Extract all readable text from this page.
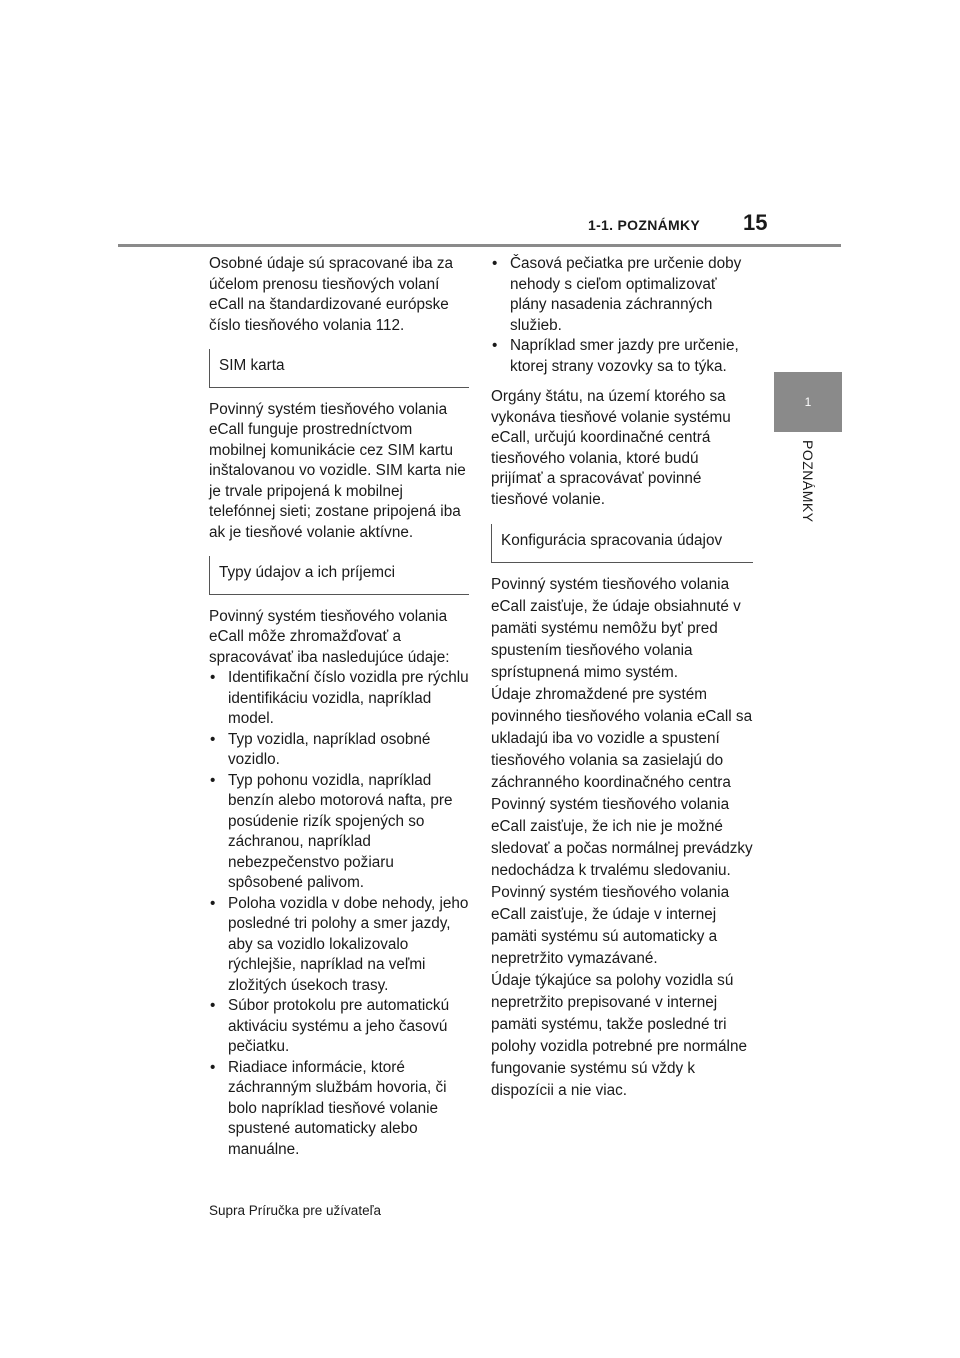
1-1. POZNÁMKY 15
1
POZNÁMKY

Osobné údaje sú spracované iba za účelom prenosu tiesňových volaní eCall na štandardizované európske číslo tiesňového volania 112.

SIM karta

Povinný systém tiesňového volania eCall funguje prostredníctvom mobilnej komunikácie cez SIM kartu inštalovanou vo vozidle. SIM karta nie je trvale pripojená k mobilnej telefónnej sieti; zostane pripojená iba ak je tiesňové volanie aktívne.

Typy údajov a ich príjemci

Povinný systém tiesňového volania eCall môže zhromažďovať a spracovávať iba nasledujúce údaje:

• Identifikační číslo vozidla pre rýchlu identifikáciu vozidla, napríklad model.
• Typ vozidla, napríklad osobné vozidlo.
• Typ pohonu vozidla, napríklad benzín alebo motorová nafta, pre posúdenie rizík spojených so záchranou, napríklad nebezpečenstvo požiaru spôsobené palivom.
• Poloha vozidla v dobe nehody, jeho posledné tri polohy a smer jazdy, aby sa vozidlo lokalizovalo rýchlejšie, napríklad na veľmi zložitých úsekoch trasy.
• Súbor protokolu pre automatickú aktiváciu systému a jeho časovú pečiatku.
• Riadiace informácie, ktoré záchranným službám hovoria, či bolo napríklad tiesňové volanie spustené automaticky alebo manuálne.
• Časová pečiatka pre určenie doby nehody s cieľom optimalizovať plány nasadenia záchranných služieb.
• Napríklad smer jazdy pre určenie, ktorej strany vozovky sa to týka.

Orgány štátu, na území ktorého sa vykonáva tiesňové volanie systému eCall, určujú koordinačné centrá tiesňového volania, ktoré budú prijímať a spracovávať povinné tiesňové volanie.

Konfigurácia spracovania údajov

Povinný systém tiesňového volania eCall zaisťuje, že údaje obsiahnuté v pamäti systému nemôžu byť pred spustením tiesňového volania sprístupnená mimo systém.

Údaje zhromaždené pre systém povinného tiesňového volania eCall sa ukladajú iba vo vozidle a spustení tiesňového volania sa zasielajú do záchranného koordinačného centra

Povinný systém tiesňového volania eCall zaisťuje, že ich nie je možné sledovať a počas normálnej prevádzky nedochádza k trvalému sledovaniu.

Povinný systém tiesňového volania eCall zaisťuje, že údaje v internej pamäti systému sú automaticky a nepretržito vymazávané.

Údaje týkajúce sa polohy vozidla sú nepretržito prepisované v internej pamäti systému, takže posledné tri polohy vozidla potrebné pre normálne fungovanie systému sú vždy k dispozícii a nie viac.

Supra Príručka pre užívateľa
